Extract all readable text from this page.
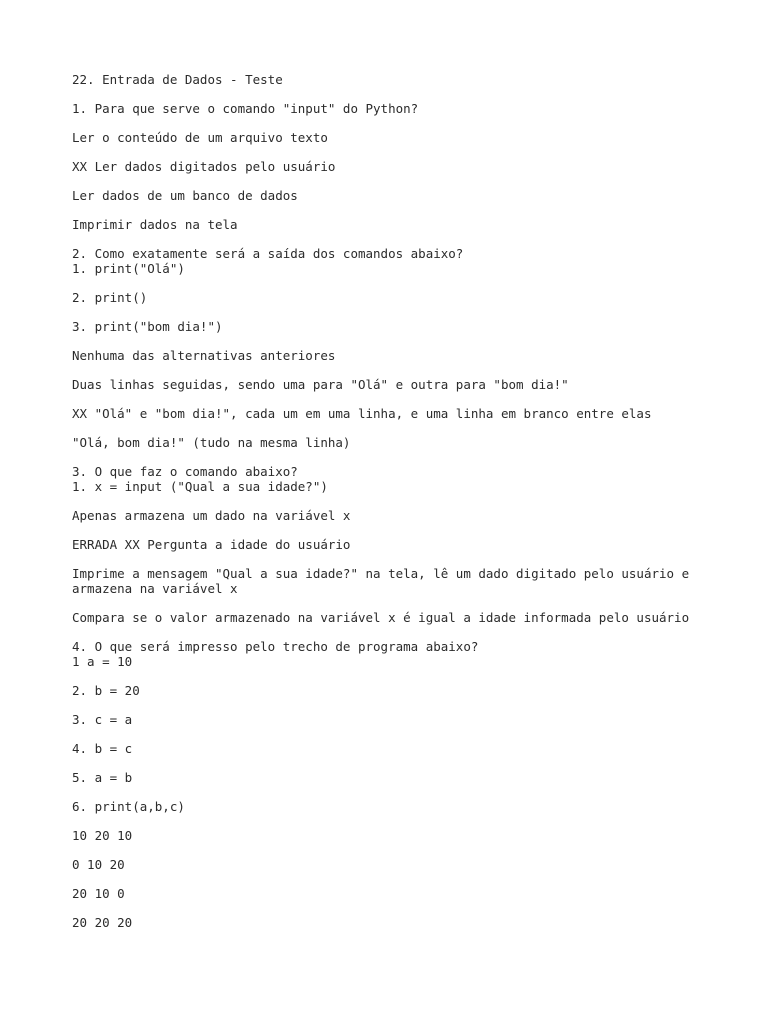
22. Entrada de Dados - Teste

1. Para que serve o comando "input" do Python?

Ler o conteúdo de um arquivo texto

XX Ler dados digitados pelo usuário

Ler dados de um banco de dados

Imprimir dados na tela

2. Como exatamente será a saída dos comandos abaixo?

1. print("Olá")

2. print()

3. print("bom dia!")

Nenhuma das alternativas anteriores

Duas linhas seguidas, sendo uma para "Olá" e outra para "bom dia!"

XX "Olá" e "bom dia!", cada um em uma linha, e uma linha em branco entre elas

"Olá, bom dia!" (tudo na mesma linha)

3. O que faz o comando abaixo?

1. x = input ("Qual a sua idade?")

Apenas armazena um dado na variável x

ERRADA XX Pergunta a idade do usuário

Imprime a mensagem "Qual a sua idade?" na tela, lê um dado digitado pelo usuário e armazena na variável x

Compara se o valor armazenado na variável x é igual a idade informada pelo usuário

4. O que será impresso pelo trecho de programa abaixo?

1 a = 10

2. b = 20

3. c = a

4. b = c

5. a = b

6. print(a,b,c)

10 20 10

0 10 20

20 10 0

20 20 20
